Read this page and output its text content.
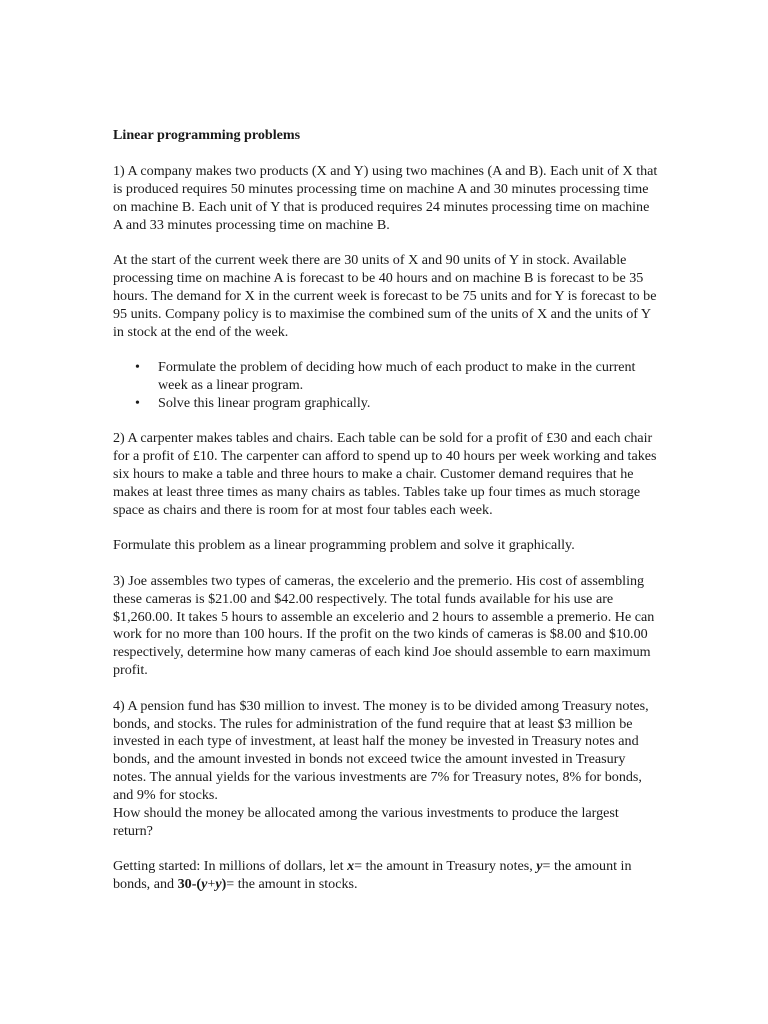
Linear programming problems

1) A company makes two products (X and Y) using two machines (A and B). Each unit of X that is produced requires 50 minutes processing time on machine A and 30 minutes processing time on machine B. Each unit of Y that is produced requires 24 minutes processing time on machine A and 33 minutes processing time on machine B.

At the start of the current week there are 30 units of X and 90 units of Y in stock. Available processing time on machine A is forecast to be 40 hours and on machine B is forecast to be 35 hours. The demand for X in the current week is forecast to be 75 units and for Y is forecast to be 95 units. Company policy is to maximise the combined sum of the units of X and the units of Y in stock at the end of the week.

• Formulate the problem of deciding how much of each product to make in the current week as a linear program.
• Solve this linear program graphically.

2) A carpenter makes tables and chairs. Each table can be sold for a profit of £30 and each chair for a profit of £10. The carpenter can afford to spend up to 40 hours per week working and takes six hours to make a table and three hours to make a chair. Customer demand requires that he makes at least three times as many chairs as tables. Tables take up four times as much storage space as chairs and there is room for at most four tables each week.

Formulate this problem as a linear programming problem and solve it graphically.

3) Joe assembles two types of cameras, the excelerio and the premerio. His cost of assembling these cameras is $21.00 and $42.00 respectively. The total funds available for his use are $1,260.00. It takes 5 hours to assemble an excelerio and 2 hours to assemble a premerio. He can work for no more than 100 hours. If the profit on the two kinds of cameras is $8.00 and $10.00 respectively, determine how many cameras of each kind Joe should assemble to earn maximum profit.

4) A pension fund has $30 million to invest. The money is to be divided among Treasury notes, bonds, and stocks. The rules for administration of the fund require that at least $3 million be invested in each type of investment, at least half the money be invested in Treasury notes and bonds, and the amount invested in bonds not exceed twice the amount invested in Treasury notes. The annual yields for the various investments are 7% for Treasury notes, 8% for bonds, and 9% for stocks.

How should the money be allocated among the various investments to produce the largest return?

Getting started: In millions of dollars, let x= the amount in Treasury notes, y= the amount in bonds, and 30-(y+y)= the amount in stocks.
